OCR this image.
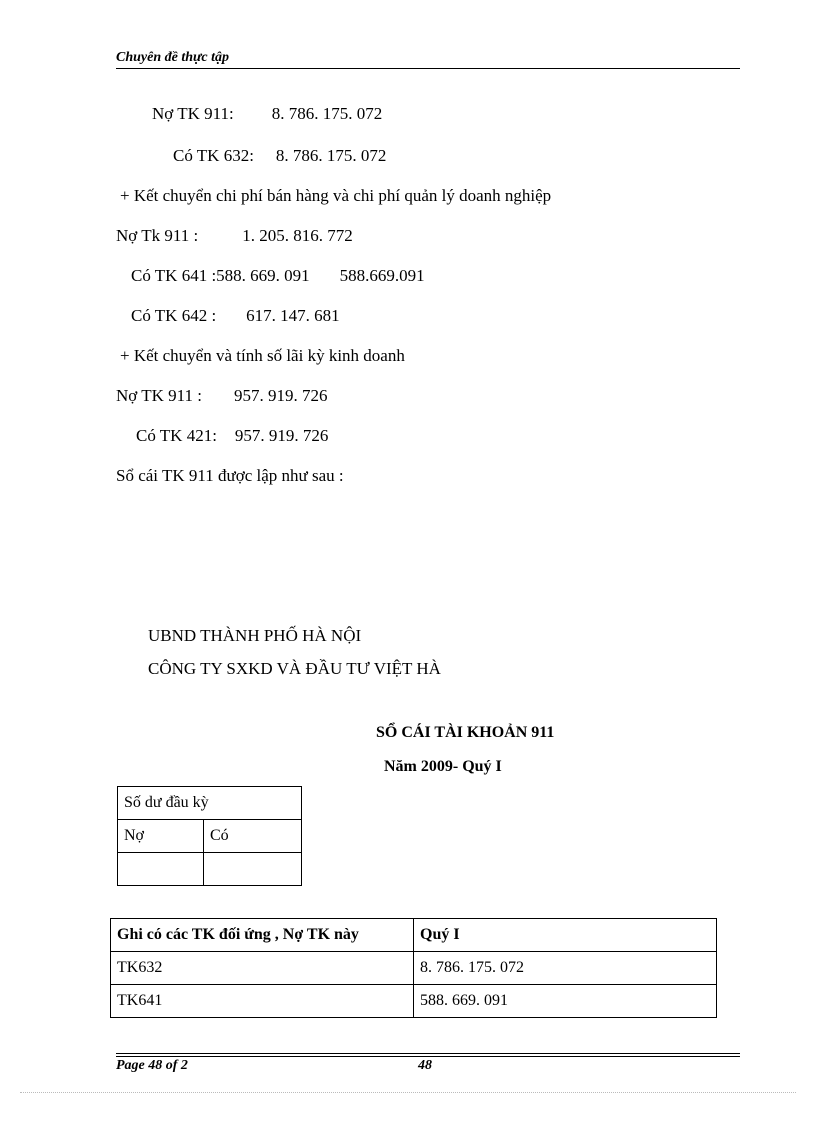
Chuyên đề thực tập
Nợ TK 911: 8. 786. 175. 072
Có TK 632: 8. 786. 175. 072
+ Kết chuyển chi phí bán hàng và chi phí quản lý doanh nghiệp
Nợ Tk 911 :	1. 205. 816. 772
Có TK 641 :588. 669. 091 588.669.091
Có TK 642 : 617. 147. 681
+ Kết chuyển và tính số lãi kỳ kinh doanh
Nợ TK 911 : 957. 919. 726
Có TK 421: 957. 919. 726
Sổ cái TK 911 được lập như sau :
UBND THÀNH PHỐ HÀ NỘI
CÔNG TY SXKD VÀ ĐẦU TƯ VIỆT HÀ
SỔ CÁI TÀI KHOẢN 911
Năm 2009- Quý I
Số dư đầu kỳ	
Nợ	Có

Ghi có các TK đối ứng , Nợ TK này	Quý I
TK632	8. 786. 175. 072
TK641	588. 669. 091
Page 48 of 2	48
